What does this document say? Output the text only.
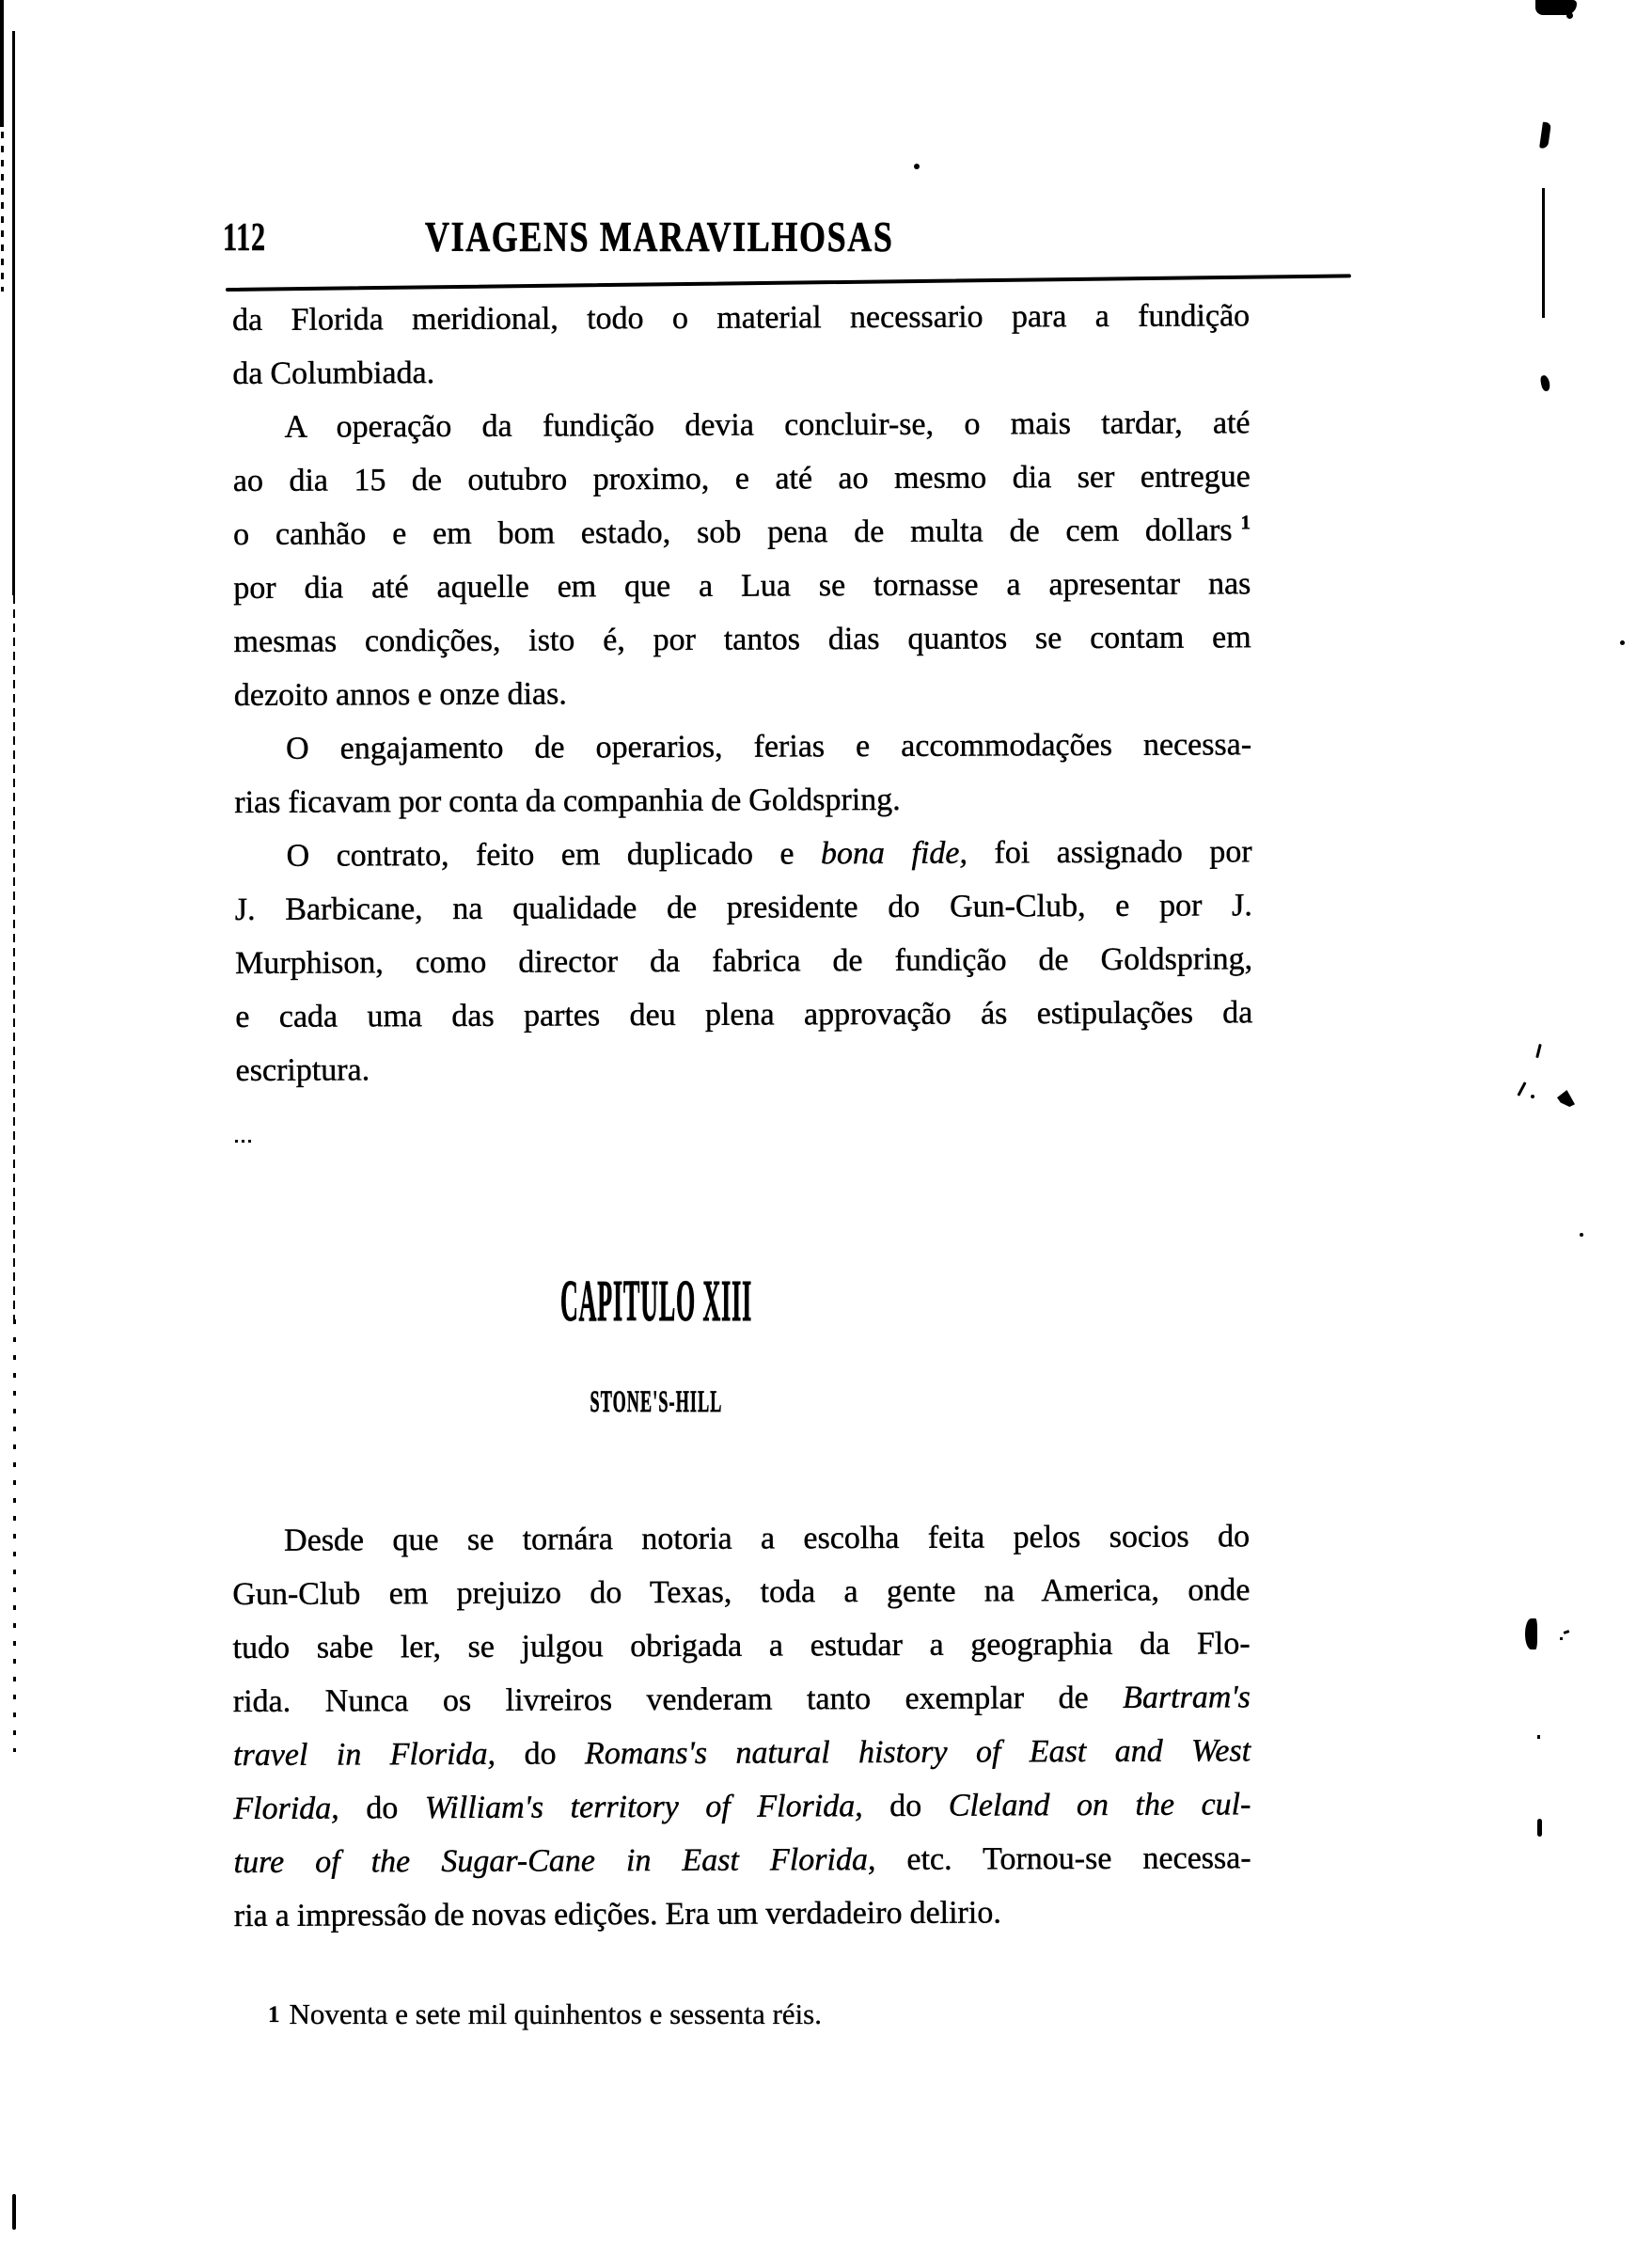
112	VIAGENS MARAVILHOSAS
da Florida meridional, todo o material necessario para a fundição
da Columbiada.
A operação da fundição devia concluir-se, o mais tardar, até
ao dia 15 de outubro proximo, e até ao mesmo dia ser entregue
o canhão e em bom estado, sob pena de multa de cem dollars $^1$
por dia até aquelle em que a Lua se tornasse a apresentar nas
mesmas condições, isto é, por tantos dias quantos se contam em
dezoito annos e onze dias.
O engajamento de operarios, ferias e accommodações necessa-
rias ficavam por conta da companhia de Goldspring.
O contrato, feito em duplicado e bona fide, foi assignado por
J. Barbicane, na qualidade de presidente do Gun-Club, e por J.
Murphison, como director da fabrica de fundição de Goldspring,
e cada uma das partes deu plena approvação ás estipulações da
escriptura.
CAPITULO XIII
STONE'S-HILL
Desde que se tornára notoria a escolha feita pelos socios do
Gun-Club em prejuizo do Texas, toda a gente na America, onde
tudo sabe ler, se julgou obrigada a estudar a geographia da Flo-
rida. Nunca os livreiros venderam tanto exemplar de Bartram's
travel in Florida, do Romans's natural history of East and West
Florida, do William's territory of Florida, do Cleland on the cul-
ture of the Sugar-Cane in East Florida, etc. Tornou-se necessa-
ria a impressão de novas edições. Era um verdadeiro delirio.
1 Noventa e sete mil quinhentos e sessenta réis.
